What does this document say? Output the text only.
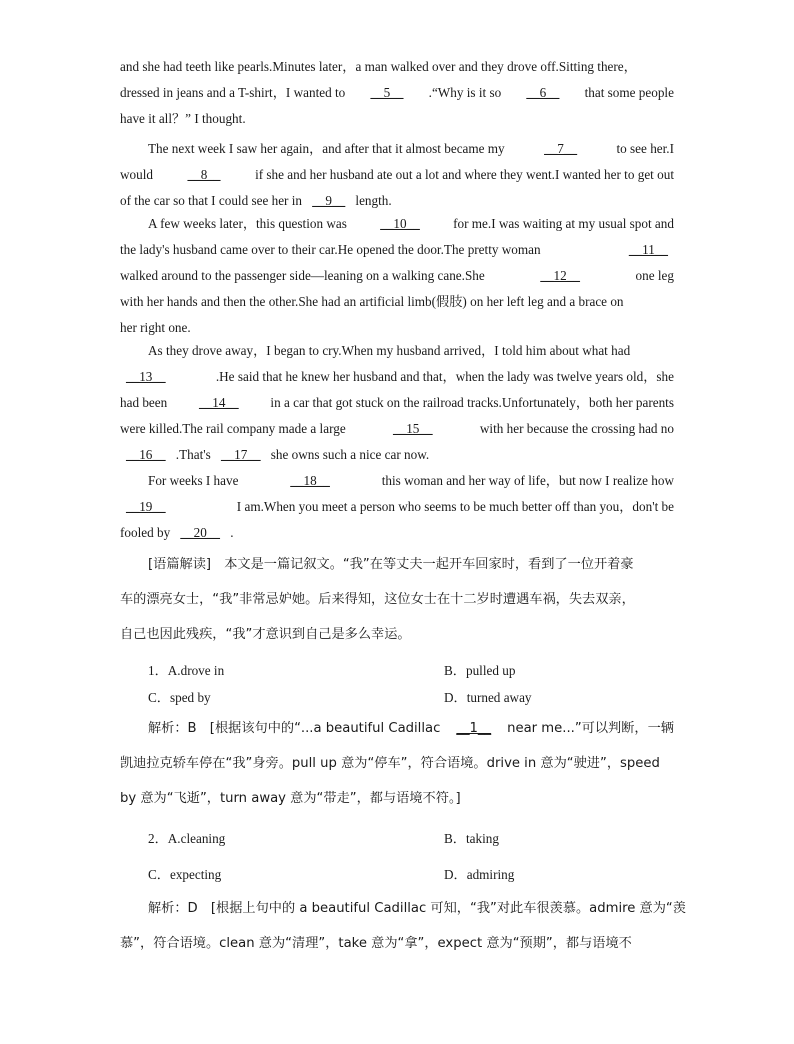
and she had teeth like pearls.Minutes later，a man walked over and they drove off.Sitting there，
dressed in jeans and a T-shirt，I wanted to	__5__	.“Why is it so	__6__	that some people
have it all？” I thought.
The next week I saw her again，and after that it almost became my	__7__	to see her.I
would	__8__	if she and her husband ate out a lot and where they went.I wanted her to get out
of the car so that I could see her in __9__ length.
A few weeks later，this question was	__10__	for me.I was waiting at my usual spot and
the lady's husband came over to their car.He opened the door.The pretty woman	__11__
walked around to the passenger side—leaning on a walking cane.She	__12__	one leg
with her hands and then the other.She had an artificial limb(假肢) on her left leg and a brace on
her right one.
As they drove away，I began to cry.When my husband arrived，I told him about what had
__13__	.He said that he knew her husband and that，when the lady was twelve years old，she
had been	__14__	in a car that got stuck on the railroad tracks.Unfortunately，both her parents
were killed.The rail company made a large	__15__	with her because the crossing had no
__16__ .That's __17__ she owns such a nice car now.
For weeks I have	__18__	this woman and her way of life，but now I realize how
__19__	I am.When you meet a person who seems to be much better off than you，don't be
fooled by __20__ .
[语篇解读]　本文是一篇记叙文。“我”在等丈夫一起开车回家时，看到了一位开着豪
车的漂亮女士，“我”非常忌妒她。后来得知，这位女士在十二岁时遭遇车祸，失去双亲，
自己也因此残疾，“我”才意识到自己是多么幸运。
1．A.drove in	B．pulled up
C．sped by	D．turned away
解析：B　[根据该句中的“...a beautiful Cadillac	__1__	near me...”可以判断，一辆
凯迪拉克轿车停在“我”身旁。pull up 意为“停车”，符合语境。drive in 意为“驶进”，speed
by 意为“飞逝”，turn away 意为“带走”，都与语境不符。]
2．A.cleaning	B．taking
C．expecting	D．admiring
解析：D　[根据上句中的 a beautiful Cadillac 可知，“我”对此车很羡慕。admire 意为“羡
慕”，符合语境。clean 意为“清理”，take 意为“拿”，expect 意为“预期”，都与语境不
